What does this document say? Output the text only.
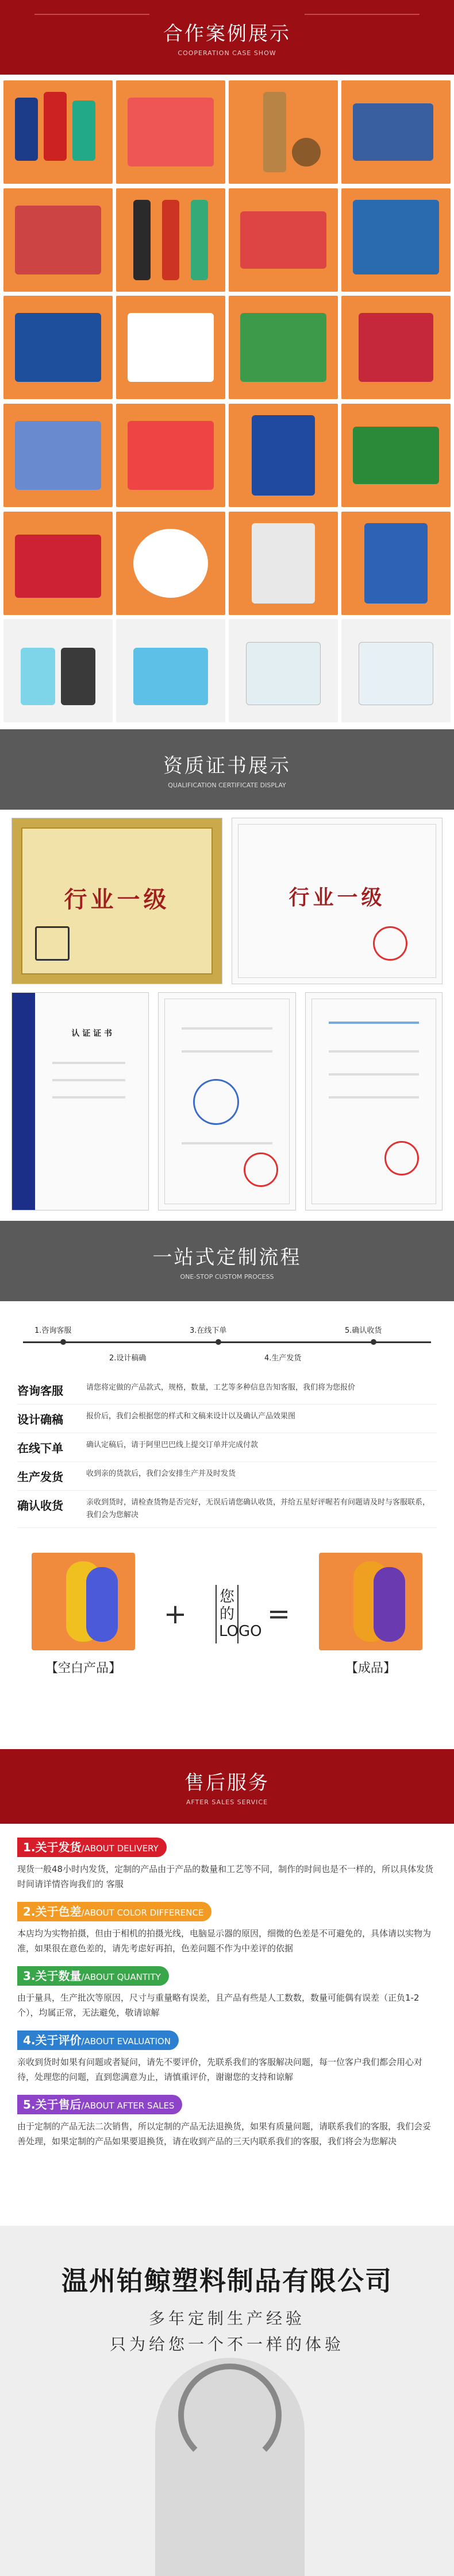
合作案例展示
COOPERATION CASE SHOW
资质证书展示
QUALIFICATION CERTIFICATE DISPLAY
行业一级	行业一级
认 证 证 书
一站式定制流程
ONE-STOP CUSTOM PROCESS
1.咨询客服	3.在线下单	5.确认收货
2.设计稿确	4.生产发货
咨询客服	请您将定做的产品款式，规格，数量，工艺等多种信息告知客服，我们将为您报价
设计确稿	报价后，我们会根据您的样式和文稿来设计以及确认产品效果图
在线下单	确认定稿后，请于阿里巴巴线上提交订单并完成付款
生产发货	收到亲的货款后，我们会安排生产并及时发货
确认收货	亲收到货时，请检查货物是否完好，无误后请您确认收货，并给五星好评喔若有问题请及时与客服联系，我们会为您解决
【空白产品】
+
您的LOGO
=
【成品】
售后服务
AFTER SALES SERVICE
1.关于发货/ABOUT DELIVERY

现货一般48小时内发货，定制的产品由于产品的数量和工艺等不同，制作的时间也是不一样的，所以具体发货时间请详情咨询我们的 客服

2.关于色差/ABOUT COLOR DIFFERENCE

本店均为实物拍摄，但由于相机的拍摄光线，电脑显示器的原因，细微的色差是不可避免的，具体请以实物为准，如果很在意色差的，请先考虑好再拍，色差问题不作为中差评的依据

3.关于数量/ABOUT QUANTITY

由于量具，生产批次等原因，尺寸与重量略有误差，且产品有些是人工数数，数量可能偶有误差（正负1-2个），均属正常，无法避免，敬请谅解

4.关于评价/ABOUT EVALUATION

亲收到货时如果有问题或者疑问，请先不要评价，先联系我们的客服解决问题，每一位客户我们都会用心对待，处理您的问题，直到您满意为止，请慎重评价，谢谢您的支持和谅解

5.关于售后/ABOUT AFTER SALES

由于定制的产品无法二次销售，所以定制的产品无法退换货，如果有质量问题，请联系我们的客服，我们会妥善处理，如果定制的产品如果要退换货，请在收到产品的三天内联系我们的客服，我们将会为您解决

温州铂鲸塑料制品有限公司
多年定制生产经验
只为给您一个不一样的体验
